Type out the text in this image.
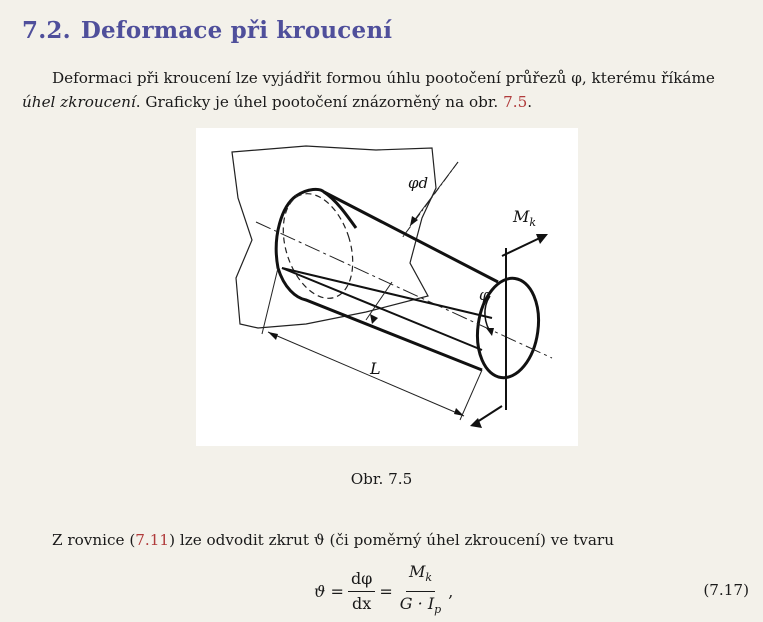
7.2. Deformace při kroucení
Deformaci při kroucení lze vyjádřit formou úhlu pootočení průřezů φ, kterému říkáme
úhel zkroucení. Graficky je úhel pootočení znázorněný na obr. 7.5.
φd
$M_k$
φ
L
Obr. 7.5
Z rovnice (7.11) lze odvodit zkrut ϑ (či poměrný úhel zkroucení) ve tvaru
$ϑ = \frac{d\varphi}{dx} = \frac{M_k}{G \cdot I_p}$ ,	(7.17)
